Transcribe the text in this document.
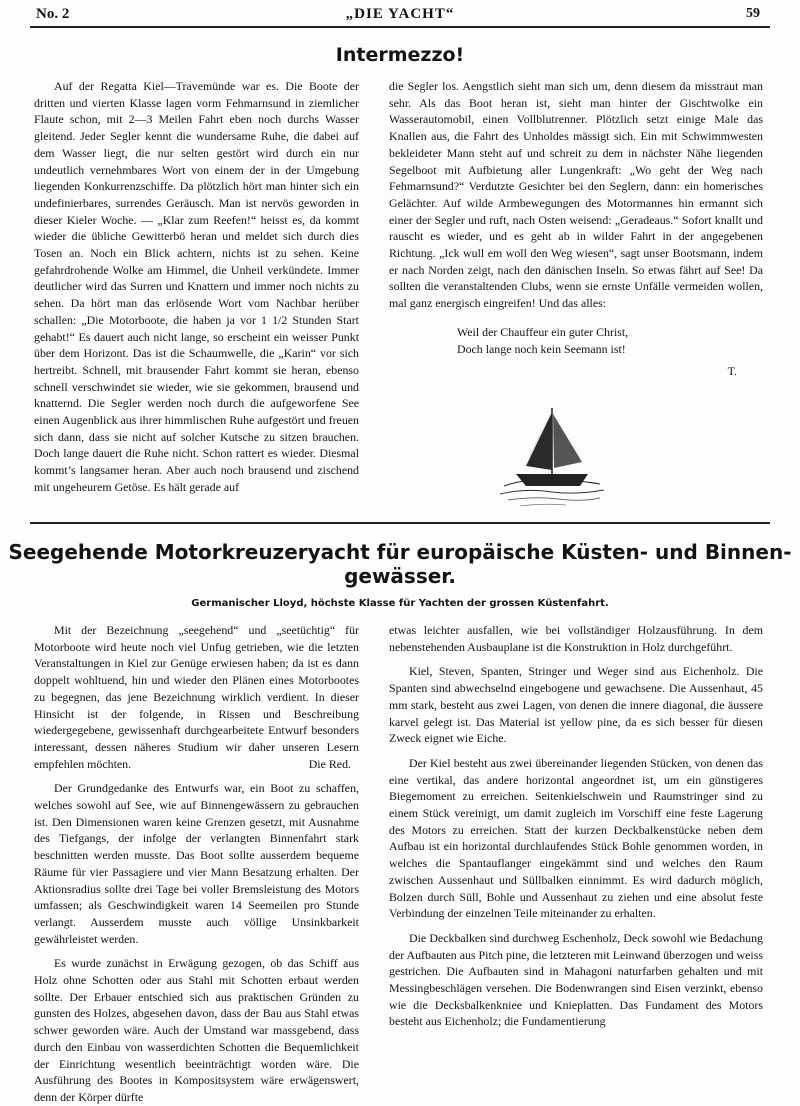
No. 2	„DIE YACHT“	59
Intermezzo!

Auf der Regatta Kiel—Travemünde war es. Die Boote der dritten und vierten Klasse lagen vorm Fehmarnsund in ziemlicher Flaute schon, mit 2—3 Meilen Fahrt eben noch durchs Wasser gleitend. Jeder Segler kennt die wundersame Ruhe, die dabei auf dem Wasser liegt, die nur selten gestört wird durch ein nur undeutlich vernehmbares Wort von einem der in der Umgebung liegenden Konkurrenzschiffe. Da plötzlich hört man hinter sich ein undefinierbares, surrendes Geräusch. Man ist nervös geworden in dieser Kieler Woche. — „Klar zum Reefen!“ heisst es, da kommt wieder die übliche Gewitterbö heran und meldet sich durch dies Tosen an. Noch ein Blick achtern, nichts ist zu sehen. Keine gefahrdrohende Wolke am Himmel, die Unheil verkündete. Immer deutlicher wird das Surren und Knattern und immer noch nichts zu sehen. Da hört man das erlösende Wort vom Nachbar herüber schallen: „Die Motorboote, die haben ja vor 1 1/2 Stunden Start gehabt!“ Es dauert auch nicht lange, so erscheint ein weisser Punkt über dem Horizont. Das ist die Schaumwelle, die „Karin“ vor sich hertreibt. Schnell, mit brausender Fahrt kommt sie heran, ebenso schnell verschwindet sie wieder, wie sie gekommen, brausend und knatternd. Die Segler werden noch durch die aufgeworfene See einen Augenblick aus ihrer himmlischen Ruhe aufgestört und freuen sich dann, dass sie nicht auf solcher Kutsche zu sitzen brauchen. Doch lange dauert die Ruhe nicht. Schon rattert es wieder. Diesmal kommt’s langsamer heran. Aber auch noch brausend und zischend mit ungeheurem Getöse. Es hält gerade auf

die Segler los. Aengstlich sieht man sich um, denn diesem da misstraut man sehr. Als das Boot heran ist, sieht man hinter der Gischtwolke ein Wasserautomobil, einen Vollblutrenner. Plötzlich setzt einige Male das Knallen aus, die Fahrt des Unholdes mässigt sich. Ein mit Schwimmwesten bekleideter Mann steht auf und schreit zu dem in nächster Nähe liegenden Segelboot mit Aufbietung aller Lungenkraft: „Wo geht der Weg nach Fehmarnsund?“ Verdutzte Gesichter bei den Seglern, dann: ein homerisches Gelächter. Auf wilde Armbewegungen des Motormannes hin ermannt sich einer der Segler und ruft, nach Osten weisend: „Geradeaus.“ Sofort knallt und rauscht es wieder, und es geht ab in wilder Fahrt in der angegebenen Richtung. „Ick wull em woll den Weg wiesen“, sagt unser Bootsmann, indem er nach Norden zeigt, nach den dänischen Inseln. So etwas fährt auf See! Da sollten die veranstaltenden Clubs, wenn sie ernste Unfälle vermeiden wollen, mal ganz energisch eingreifen! Und das alles:

Weil der Chauffeur ein guter Christ,
Doch lange noch kein Seemann ist!
T.
Seegehende Motorkreuzeryacht für europäische Küsten- und Binnen-
gewässer.
Germanischer Lloyd, höchste Klasse für Yachten der grossen Küstenfahrt.

Mit der Bezeichnung „seegehend“ und „seetüchtig“ für Motorboote wird heute noch viel Unfug getrieben, wie die letzten Veranstaltungen in Kiel zur Genüge erwiesen haben; da ist es dann doppelt wohltuend, hin und wieder den Plänen eines Motorbootes zu begegnen, das jene Bezeichnung wirklich verdient. In dieser Hinsicht ist der folgende, in Rissen und Beschreibung wiedergegebene, gewissenhaft durchgearbeitete Entwurf besonders interessant, dessen näheres Studium wir daher unseren Lesern empfehlen möchten.	Die Red.

Der Grundgedanke des Entwurfs war, ein Boot zu schaffen, welches sowohl auf See, wie auf Binnengewässern zu gebrauchen ist. Den Dimensionen waren keine Grenzen gesetzt, mit Ausnahme des Tiefgangs, der infolge der verlangten Binnenfahrt stark beschnitten werden musste. Das Boot sollte ausserdem bequeme Räume für vier Passagiere und vier Mann Besatzung erhalten. Der Aktionsradius sollte drei Tage bei voller Bremsleistung des Motors umfassen; als Geschwindigkeit waren 14 Seemeilen pro Stunde verlangt. Ausserdem musste auch völlige Unsinkbarkeit gewährleistet werden.

Es wurde zunächst in Erwägung gezogen, ob das Schiff aus Holz ohne Schotten oder aus Stahl mit Schotten erbaut werden sollte. Der Erbauer entschied sich aus praktischen Gründen zu gunsten des Holzes, abgesehen davon, dass der Bau aus Stahl etwas schwer geworden wäre. Auch der Umstand war massgebend, dass durch den Einbau von wasserdichten Schotten die Bequemlichkeit der Einrichtung wesentlich beeinträchtigt worden wäre. Die Ausführung des Bootes in Kompositsystem wäre erwägenswert, denn der Körper dürfte

etwas leichter ausfallen, wie bei vollständiger Holzausführung. In dem nebenstehenden Ausbauplane ist die Konstruktion in Holz durchgeführt.

Kiel, Steven, Spanten, Stringer und Weger sind aus Eichenholz. Die Spanten sind abwechselnd eingebogene und gewachsene. Die Aussenhaut, 45 mm stark, besteht aus zwei Lagen, von denen die innere diagonal, die äussere karvel gelegt ist. Das Material ist yellow pine, da es sich besser für diesen Zweck eignet wie Eiche.

Der Kiel besteht aus zwei übereinander liegenden Stücken, von denen das eine vertikal, das andere horizontal angeordnet ist, um ein günstigeres Biegemoment zu erreichen. Seitenkielschwein und Raumstringer sind zu einem Stück vereinigt, um damit zugleich im Vorschiff eine feste Lagerung des Motors zu erreichen. Statt der kurzen Deckbalkenstücke neben dem Aufbau ist ein horizontal durchlaufendes Stück Bohle genommen worden, in welches die Spantauflanger eingekämmt sind und welches den Raum zwischen Aussenhaut und Süllbalken einnimmt. Es wird dadurch möglich, Bolzen durch Süll, Bohle und Aussenhaut zu ziehen und eine absolut feste Verbindung der einzelnen Teile miteinander zu erhalten.

Die Deckbalken sind durchweg Eschenholz, Deck sowohl wie Bedachung der Aufbauten aus Pitch pine, die letzteren mit Leinwand überzogen und weiss gestrichen. Die Aufbauten sind in Mahagoni naturfarben gehalten und mit Messingbeschlägen versehen. Die Bodenwrangen sind Eisen verzinkt, ebenso wie die Decksbalkenkniee und Knieplatten. Das Fundament des Motors besteht aus Eichenholz; die Fundamentierung
